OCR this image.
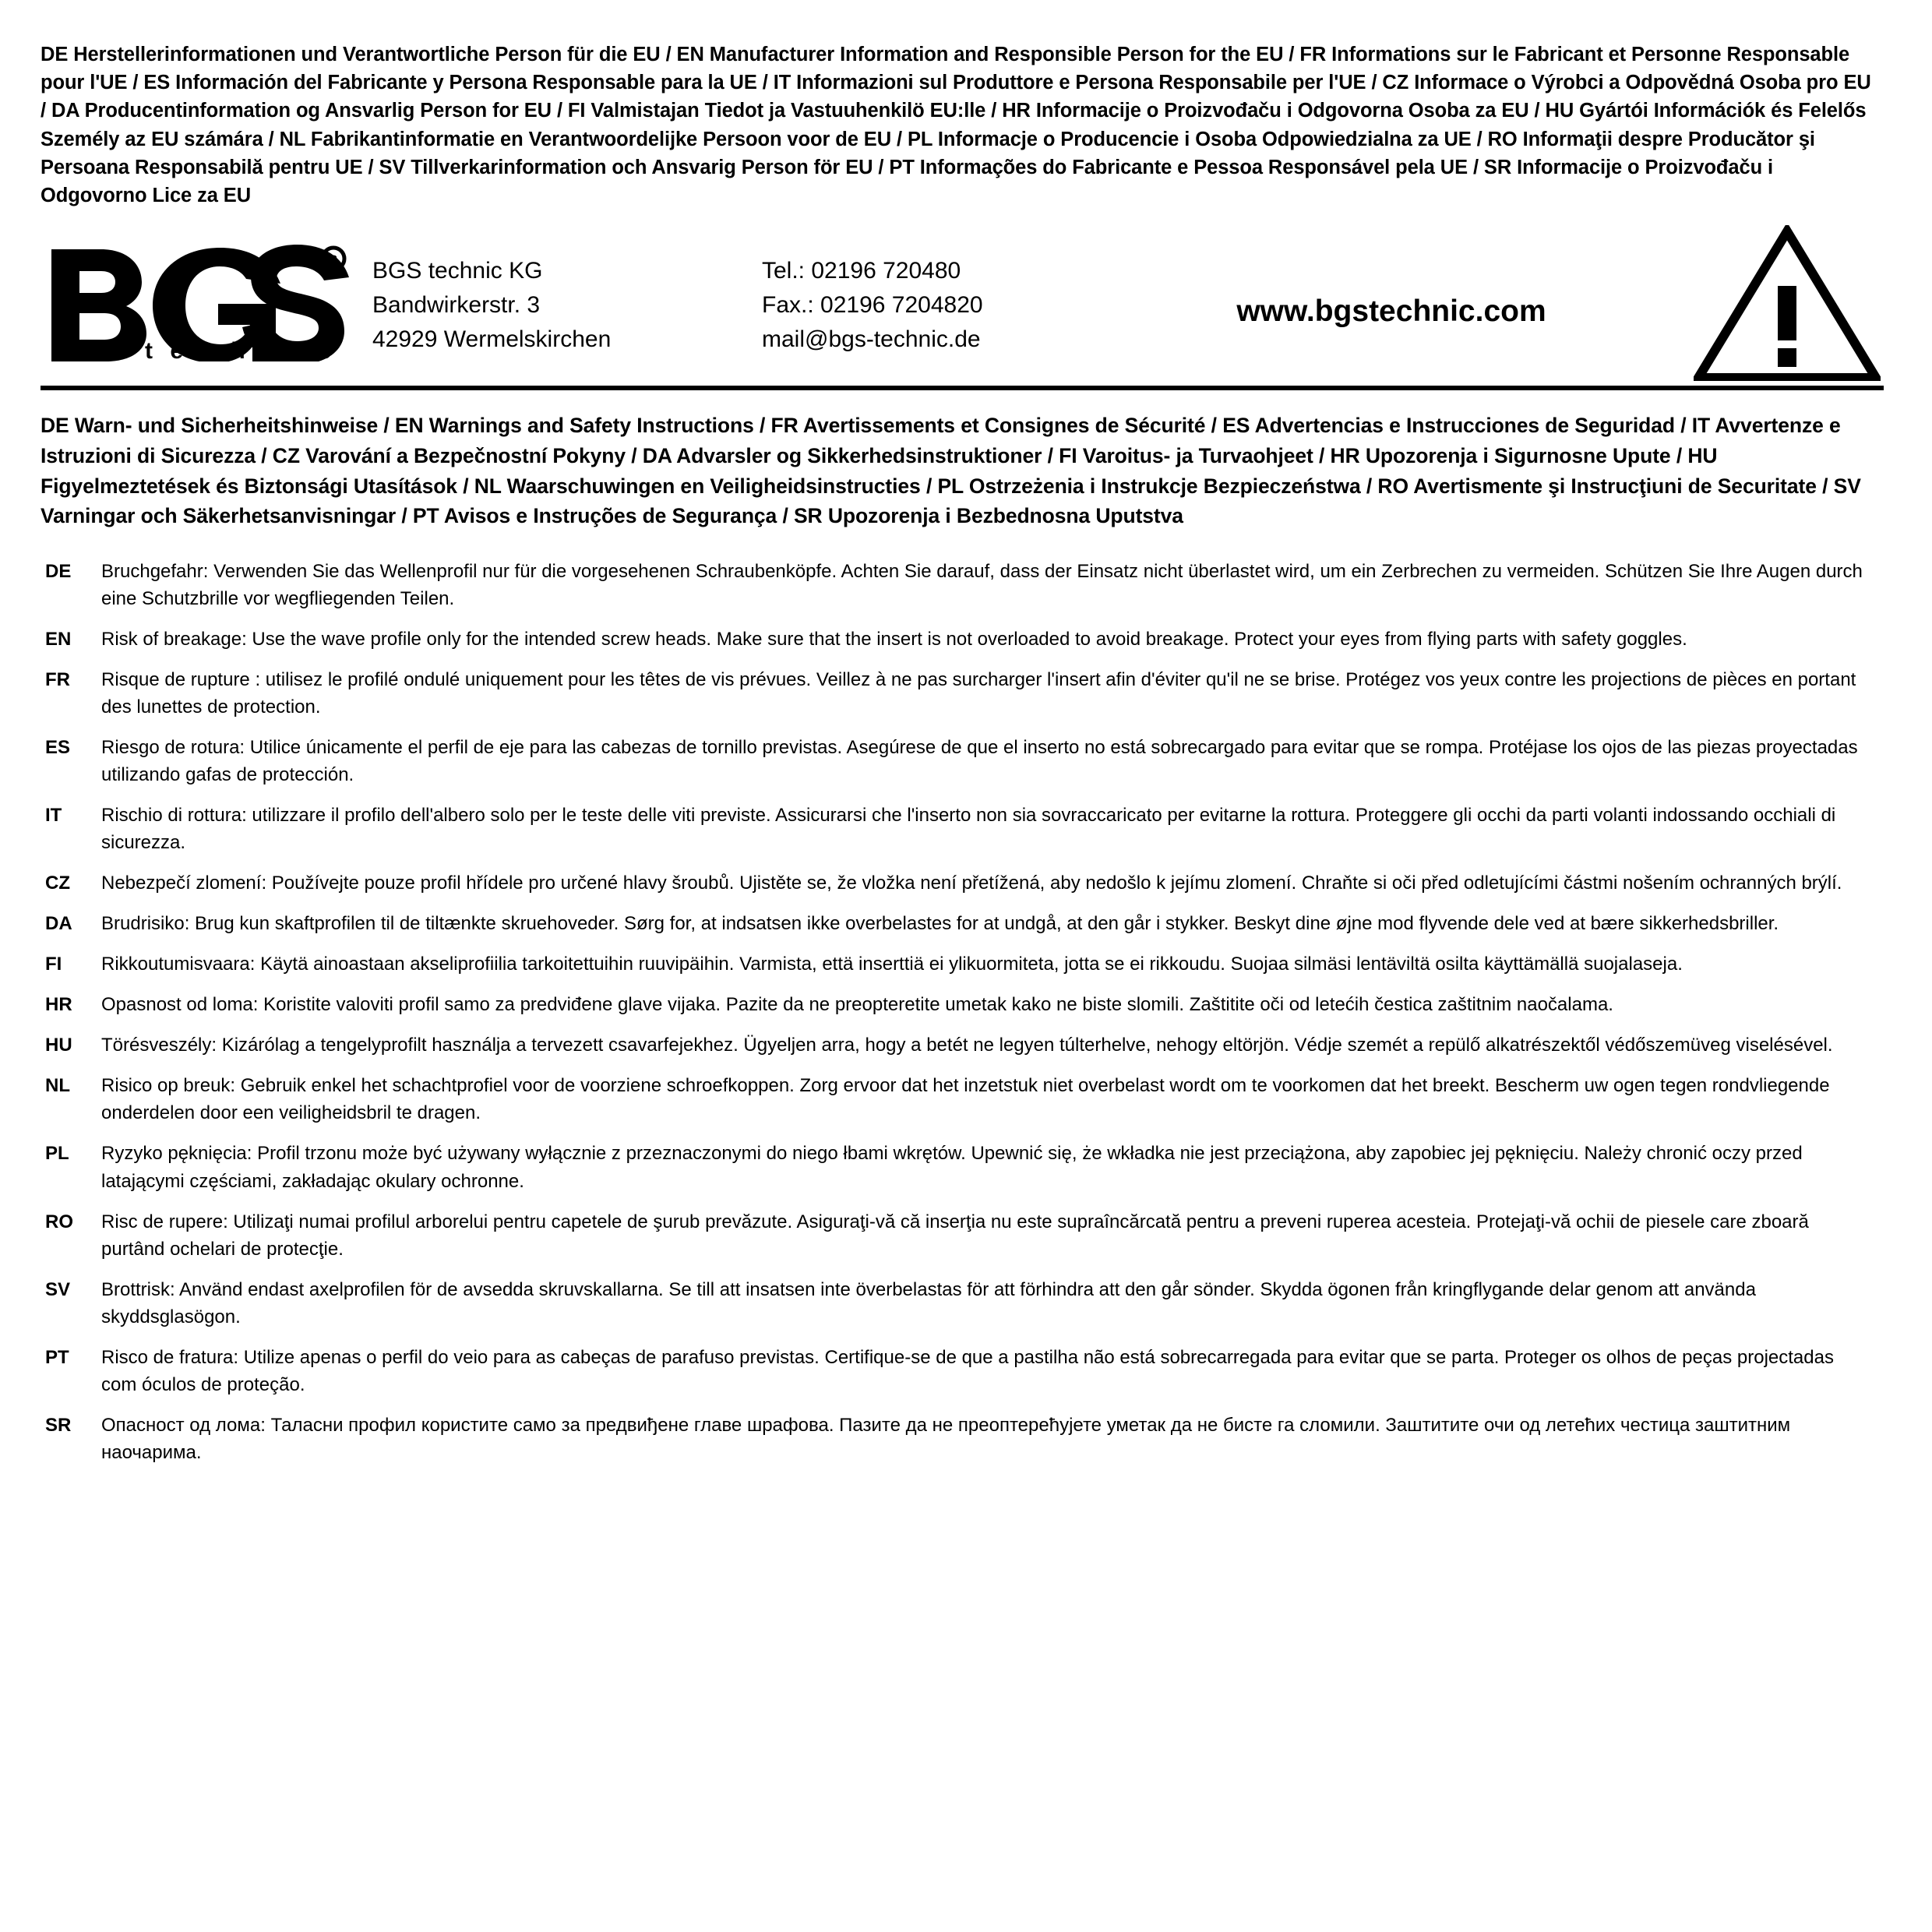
DE Herstellerinformationen und Verantwortliche Person für die EU / EN Manufacturer Information and Responsible Person for the EU / FR Informations sur le Fabricant et Personne Responsable pour l'UE / ES Información del Fabricante y Persona Responsable para la UE / IT Informazioni sul Produttore e Persona Responsabile per l'UE / CZ Informace o Výrobci a Odpovědná Osoba pro EU / DA Producentinformation og Ansvarlig Person for EU / FI Valmistajan Tiedot ja Vastuuhenkilö EU:lle / HR Informacije o Proizvođaču i Odgovorna Osoba za EU / HU Gyártói Információk és Felelős Személy az EU számára / NL Fabrikantinformatie en Verantwoordelijke Persoon voor de EU / PL Informacje o Producencie i Osoba Odpowiedzialna za UE / RO Informaţii despre Producător şi Persoana Responsabilă pentru UE / SV Tillverkarinformation och Ansvarig Person för EU / PT Informações do Fabricante e Pessoa Responsável pela UE / SR Informacije o Proizvođaču i Odgovorno Lice za EU
R
t e c h n i c
BGS technic KG
Bandwirkerstr. 3
42929 Wermelskirchen
Tel.: 02196 720480
Fax.: 02196 7204820
mail@bgs-technic.de
www.bgstechnic.com
DE Warn- und Sicherheitshinweise / EN Warnings and Safety Instructions / FR Avertissements et Consignes de Sécurité / ES Advertencias e Instrucciones de Seguridad / IT Avvertenze e Istruzioni di Sicurezza / CZ Varování a Bezpečnostní Pokyny / DA Advarsler og Sikkerhedsinstruktioner / FI Varoitus- ja Turvaohjeet / HR Upozorenja i Sigurnosne Upute / HU Figyelmeztetések és Biztonsági Utasítások / NL Waarschuwingen en Veiligheidsinstructies / PL Ostrzeżenia i Instrukcje Bezpieczeństwa / RO Avertismente şi Instrucţiuni de Securitate / SV Varningar och Säkerhetsanvisningar / PT Avisos e Instruções de Segurança / SR Upozorenja i Bezbednosna Uputstva
DE	Bruchgefahr: Verwenden Sie das Wellenprofil nur für die vorgesehenen Schraubenköpfe. Achten Sie darauf, dass der Einsatz nicht überlastet wird, um ein Zerbrechen zu vermeiden. Schützen Sie Ihre Augen durch eine Schutzbrille vor wegfliegenden Teilen.
EN	Risk of breakage: Use the wave profile only for the intended screw heads. Make sure that the insert is not overloaded to avoid breakage. Protect your eyes from flying parts with safety goggles.
FR	Risque de rupture : utilisez le profilé ondulé uniquement pour les têtes de vis prévues. Veillez à ne pas surcharger l'insert afin d'éviter qu'il ne se brise. Protégez vos yeux contre les projections de pièces en portant des lunettes de protection.
ES	Riesgo de rotura: Utilice únicamente el perfil de eje para las cabezas de tornillo previstas. Asegúrese de que el inserto no está sobrecargado para evitar que se rompa. Protéjase los ojos de las piezas proyectadas utilizando gafas de protección.
IT	Rischio di rottura: utilizzare il profilo dell'albero solo per le teste delle viti previste. Assicurarsi che l'inserto non sia sovraccaricato per evitarne la rottura. Proteggere gli occhi da parti volanti indossando occhiali di sicurezza.
CZ	Nebezpečí zlomení: Používejte pouze profil hřídele pro určené hlavy šroubů. Ujistěte se, že vložka není přetížená, aby nedošlo k jejímu zlomení. Chraňte si oči před odletujícími částmi nošením ochranných brýlí.
DA	Brudrisiko: Brug kun skaftprofilen til de tiltænkte skruehoveder. Sørg for, at indsatsen ikke overbelastes for at undgå, at den går i stykker. Beskyt dine øjne mod flyvende dele ved at bære sikkerhedsbriller.
FI	Rikkoutumisvaara: Käytä ainoastaan akseliprofiilia tarkoitettuihin ruuvipäihin. Varmista, että inserttiä ei ylikuormiteta, jotta se ei rikkoudu. Suojaa silmäsi lentäviltä osilta käyttämällä suojalaseja.
HR	Opasnost od loma: Koristite valoviti profil samo za predviđene glave vijaka. Pazite da ne preopteretite umetak kako ne biste slomili. Zaštitite oči od letećih čestica zaštitnim naočalama.
HU	Törésveszély: Kizárólag a tengelyprofilt használja a tervezett csavarfejekhez. Ügyeljen arra, hogy a betét ne legyen túlterhelve, nehogy eltörjön. Védje szemét a repülő alkatrészektől védőszemüveg viselésével.
NL	Risico op breuk: Gebruik enkel het schachtprofiel voor de voorziene schroefkoppen. Zorg ervoor dat het inzetstuk niet overbelast wordt om te voorkomen dat het breekt. Bescherm uw ogen tegen rondvliegende onderdelen door een veiligheidsbril te dragen.
PL	Ryzyko pęknięcia: Profil trzonu może być używany wyłącznie z przeznaczonymi do niego łbami wkrętów. Upewnić się, że wkładka nie jest przeciążona, aby zapobiec jej pęknięciu. Należy chronić oczy przed latającymi częściami, zakładając okulary ochronne.
RO	Risc de rupere: Utilizaţi numai profilul arborelui pentru capetele de şurub prevăzute. Asiguraţi-vă că inserţia nu este supraîncărcată pentru a preveni ruperea acesteia. Protejaţi-vă ochii de piesele care zboară purtând ochelari de protecţie.
SV	Brottrisk: Använd endast axelprofilen för de avsedda skruvskallarna. Se till att insatsen inte överbelastas för att förhindra att den går sönder. Skydda ögonen från kringflygande delar genom att använda skyddsglasögon.
PT	Risco de fratura: Utilize apenas o perfil do veio para as cabeças de parafuso previstas. Certifique-se de que a pastilha não está sobrecarregada para evitar que se parta. Proteger os olhos de peças projectadas com óculos de proteção.
SR	Опасност од лома: Таласни профил користите само за предвиђене главе шрафова. Пазите да не преоптерећујете уметак да не бисте га сломили. Заштитите очи од летећих честица заштитним наочарима.
